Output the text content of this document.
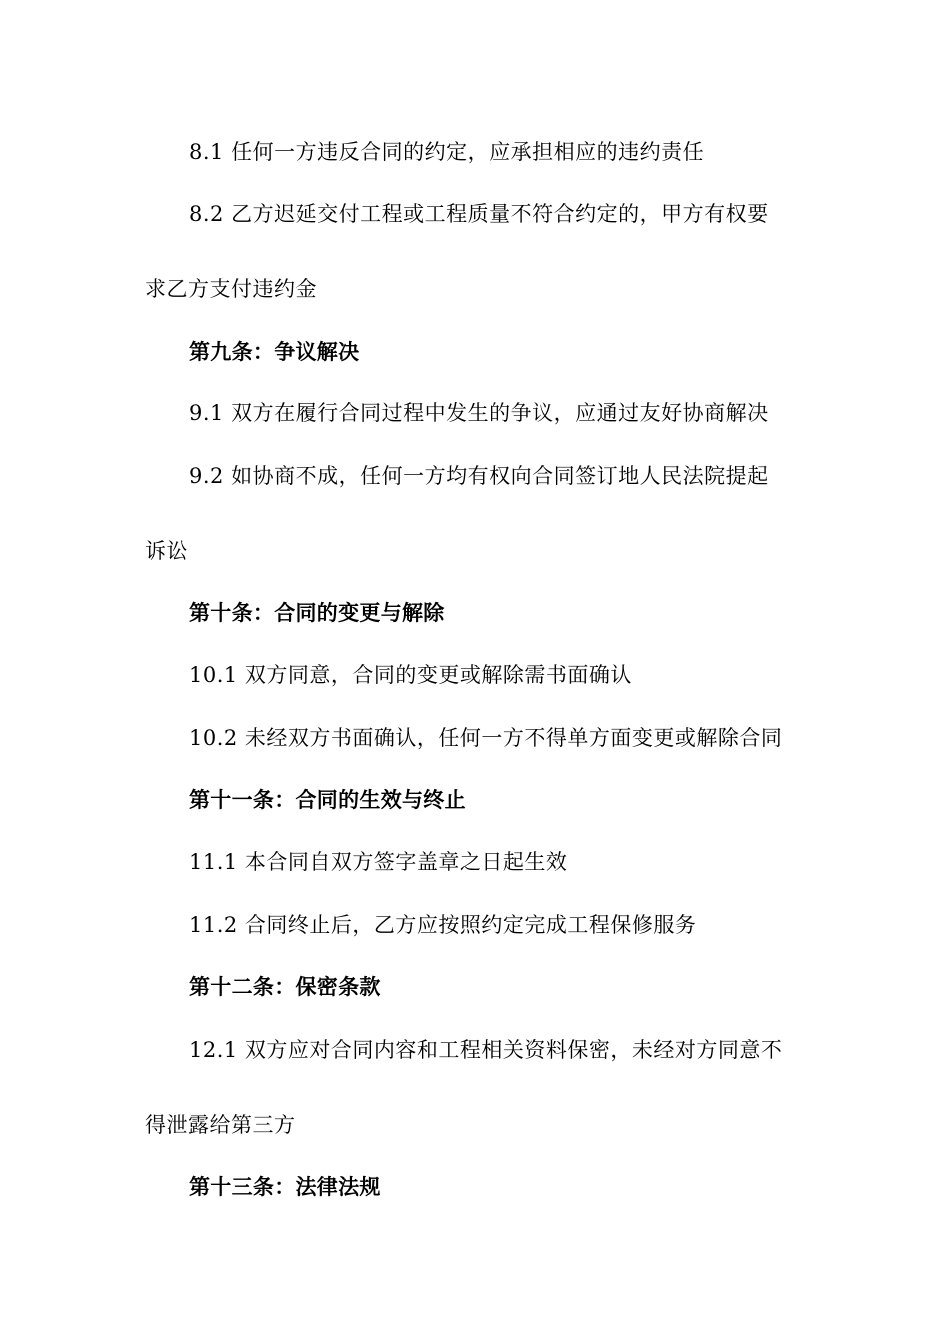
8.1 任何一方违反合同的约定，应承担相应的违约责任
8.2 乙方迟延交付工程或工程质量不符合约定的，甲方有权要
求乙方支付违约金
第九条：争议解决
9.1 双方在履行合同过程中发生的争议，应通过友好协商解决
9.2 如协商不成，任何一方均有权向合同签订地人民法院提起
诉讼
第十条：合同的变更与解除
10.1 双方同意，合同的变更或解除需书面确认
10.2 未经双方书面确认，任何一方不得单方面变更或解除合同
第十一条：合同的生效与终止
11.1 本合同自双方签字盖章之日起生效
11.2 合同终止后，乙方应按照约定完成工程保修服务
第十二条：保密条款
12.1 双方应对合同内容和工程相关资料保密，未经对方同意不
得泄露给第三方
第十三条：法律法规
